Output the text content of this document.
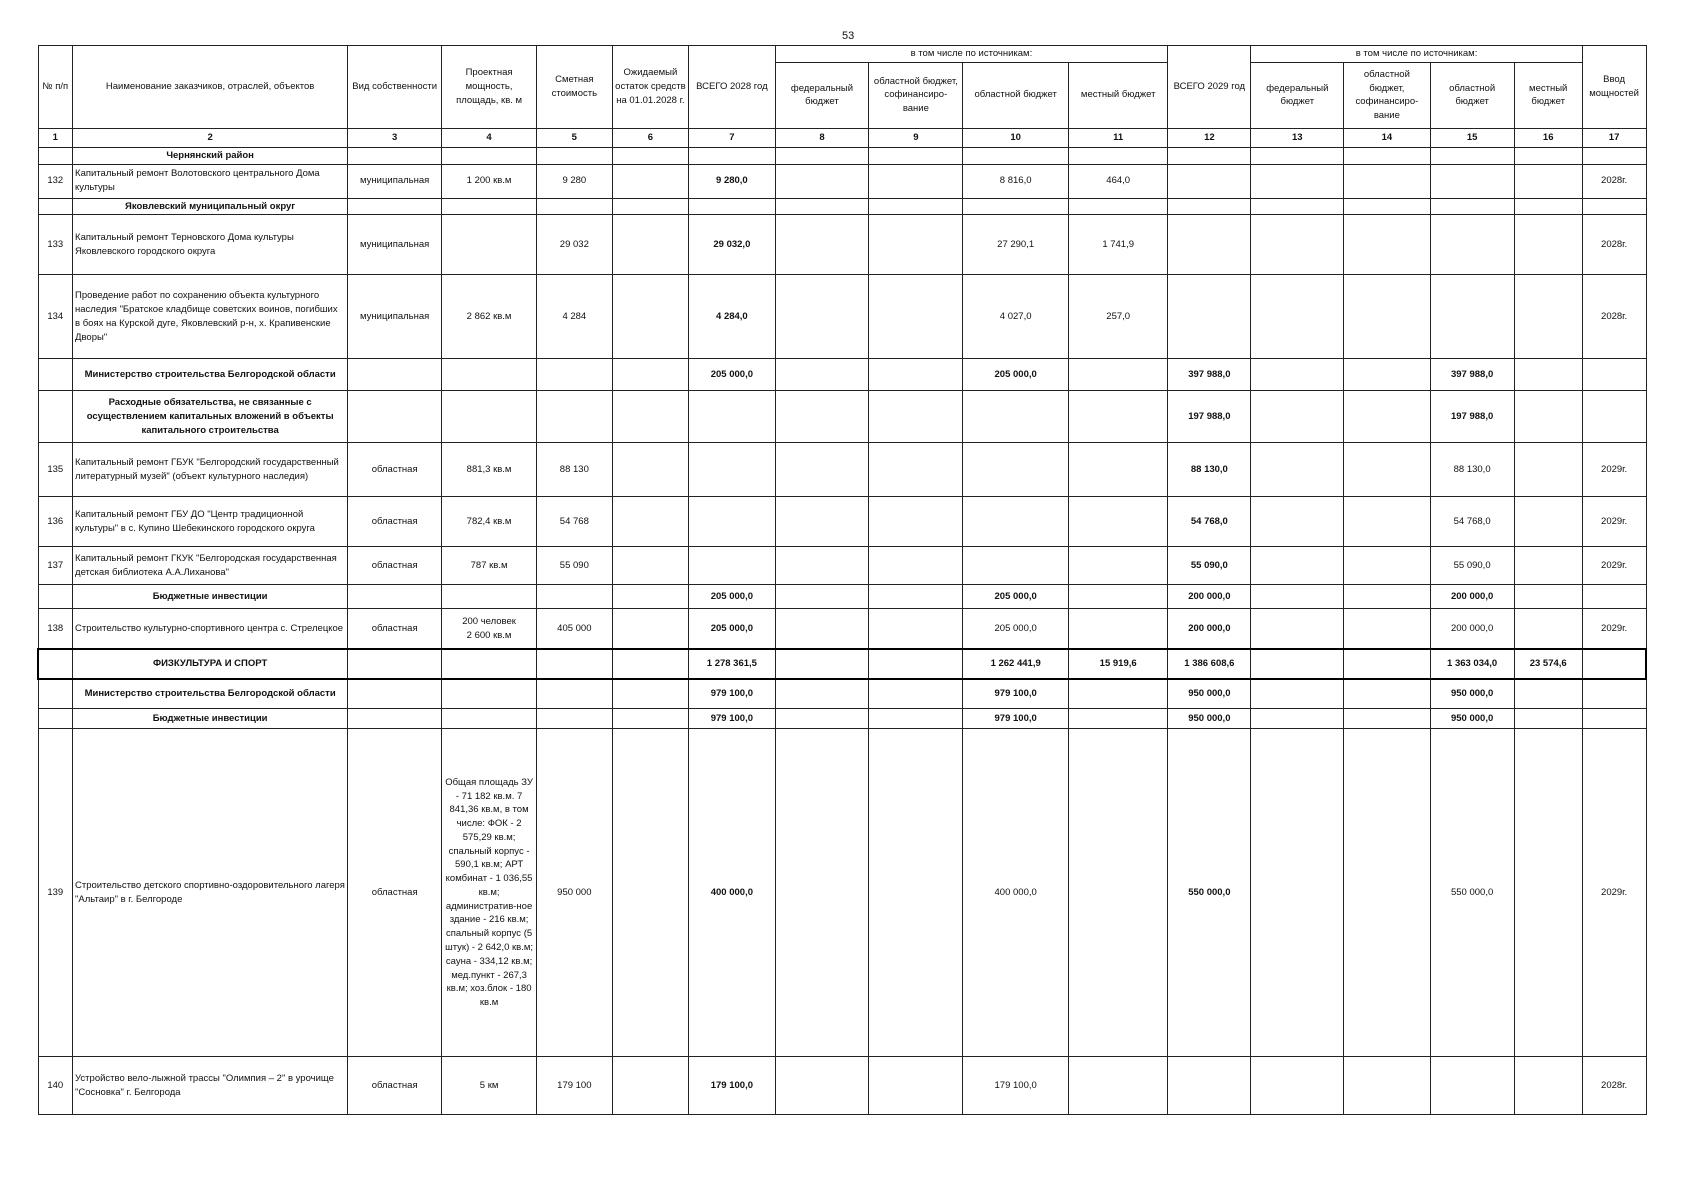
53
№ п/п	Наименование заказчиков, отраслей, объектов	Вид собственности	Проектная мощность, площадь, кв. м	Сметная стоимость	Ожидаемый остаток средств на 01.01.2028 г.	ВСЕГО 2028 год	в том числе по источникам:				ВСЕГО 2029 год	в том числе по источникам:				Ввод мощностей
							федеральный бюджет	областной бюджет, софинансиро- вание	областной бюджет	местный бюджет		федеральный бюджет	областной бюджет, софинансиро- вание	областной бюджет	местный бюджет	
1	2	3	4	5	6	7	8	9	10	11	12	13	14	15	16	17
	Чернянский район															
132	Капитальный ремонт Волотовского центрального Дома культуры	муниципальная	1 200 кв.м	9 280		9 280,0			8 816,0	464,0						2028г.
	Яковлевский муниципальный округ															
133	Капитальный ремонт Терновского Дома культуры Яковлевского городского округа	муниципальная		29 032		29 032,0			27 290,1	1 741,9						2028г.
134	Проведение работ по сохранению объекта культурного наследия "Братское кладбище советских воинов, погибших в боях на Курской дуге, Яковлевский р-н, х. Крапивенские Дворы"	муниципальная	2 862 кв.м	4 284		4 284,0			4 027,0	257,0						2028г.
	Министерство строительства Белгородской области					205 000,0			205 000,0		397 988,0			397 988,0		
	Расходные обязательства, не связанные с осуществлением капитальных вложений в объекты капитального строительства										197 988,0			197 988,0		
135	Капитальный ремонт ГБУК "Белгородский государственный литературный музей" (объект культурного наследия)	областная	881,3 кв.м	88 130							88 130,0			88 130,0		2029г.
136	Капитальный ремонт ГБУ ДО "Центр традиционной культуры" в с. Купино Шебекинского городского округа	областная	782,4 кв.м	54 768							54 768,0			54 768,0		2029г.
137	Капитальный ремонт ГКУК "Белгородская государственная детская библиотека А.А.Лиханова"	областная	787 кв.м	55 090							55 090,0			55 090,0		2029г.
	Бюджетные инвестиции					205 000,0			205 000,0		200 000,0			200 000,0		
138	Строительство культурно-спортивного центра с. Стрелецкое	областная	200 человек
2 600 кв.м	405 000		205 000,0			205 000,0		200 000,0			200 000,0		2029г.
	ФИЗКУЛЬТУРА И СПОРТ					1 278 361,5			1 262 441,9	15 919,6	1 386 608,6			1 363 034,0	23 574,6	
	Министерство строительства Белгородской области					979 100,0			979 100,0		950 000,0			950 000,0		
	Бюджетные инвестиции					979 100,0			979 100,0		950 000,0			950 000,0		
139	Строительство детского спортивно-оздоровительного лагеря "Альтаир" в г. Белгороде	областная	Общая площадь ЗУ - 71 182 кв.м. 7 841,36 кв.м, в том числе: ФОК - 2 575,29 кв.м; спальный корпус - 590,1 кв.м; АРТ комбинат - 1 036,55 кв.м; административ-ное здание - 216 кв.м; спальный корпус (5 штук) - 2 642,0 кв.м; сауна - 334,12 кв.м; мед.пункт - 267,3 кв.м; хоз.блок - 180 кв.м	950 000		400 000,0			400 000,0		550 000,0			550 000,0		2029г.
140	Устройство вело-лыжной трассы "Олимпия – 2" в урочище "Сосновка" г. Белгорода	областная	5 км	179 100		179 100,0			179 100,0							2028г.
